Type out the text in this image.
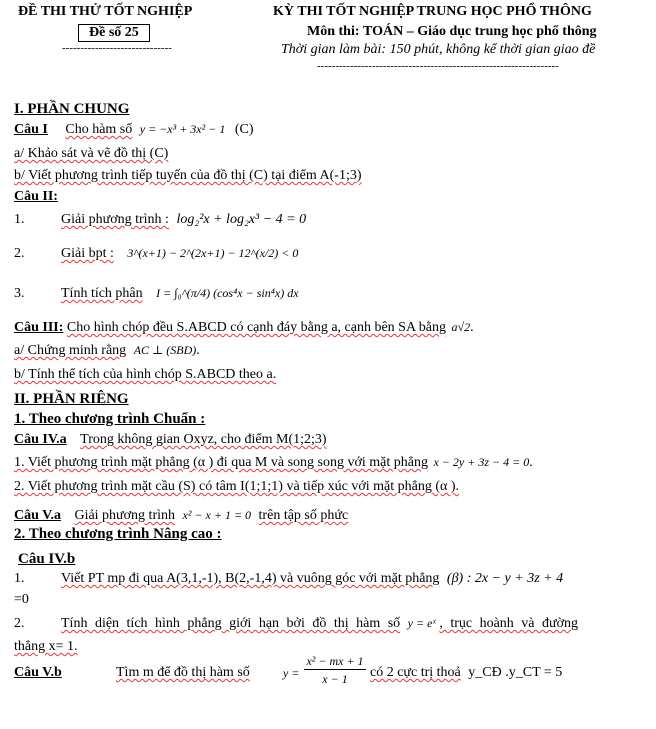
ĐỀ THI THỬ TỐT NGHIỆP
Đề số 25
------------------------------
KỲ THI TỐT NGHIỆP TRUNG HỌC PHỔ THÔNG
Môn thi: TOÁN – Giáo dục trung học phổ thông
Thời gian làm bài: 150 phút, không kể thời gian giao đề
------------------------------------------------------------------
I. PHẦN CHUNG
Câu I Cho hàm số y = −x³ + 3x² − 1 (C)
a/ Khảo sát và vẽ đồ thị (C)
b/ Viết phương trình tiếp tuyến của đồ thị (C) tại điểm A(-1;3)
Câu II:
1.	Giải phương trình : log₂²x + log₂x³ − 4 = 0
2.	Giải bpt : 3^(x+1) − 2^(2x+1) − 12^(x/2) < 0
3.	Tính tích phân I = ∫₀^(π/4) (cos⁴x − sin⁴x) dx
Câu III: Cho hình chóp đều S.ABCD có cạnh đáy bằng a, cạnh bên SA bằng a√2.
a/ Chứng minh rằng AC ⊥ (SBD).
b/ Tính thể tích của hình chóp S.ABCD theo a.
II. PHẦN RIÊNG
1. Theo chương trình Chuẩn :
Câu IV.a Trong không gian Oxyz, cho điểm M(1;2;3)
1. Viết phương trình mặt phẳng (α ) đi qua M và song song với mặt phẳng x − 2y + 3z − 4 = 0.
2. Viết phương trình mặt cầu (S) có tâm I(1;1;1) và tiếp xúc với mặt phẳng (α ).
Câu V.a Giải phương trình x² − x + 1 = 0 trên tập số phức
2. Theo chương trình Nâng cao :
Câu IV.b
1.	Viết PT mp đi qua A(3,1,-1), B(2,-1,4) và vuông góc với mặt phẳng (β) : 2x − y + 3z + 4
=0
2.	Tính diện tích hình phẳng giới hạn bởi đồ thị hàm số y = eˣ , trục hoành và đường
thẳng x= 1.
Câu V.b	Tìm m để đồ thị hàm số	$y = \frac{\text{x² − mx + 1}}{x - 1}$ có 2 cực trị thoả y_CĐ .y_CT = 5
